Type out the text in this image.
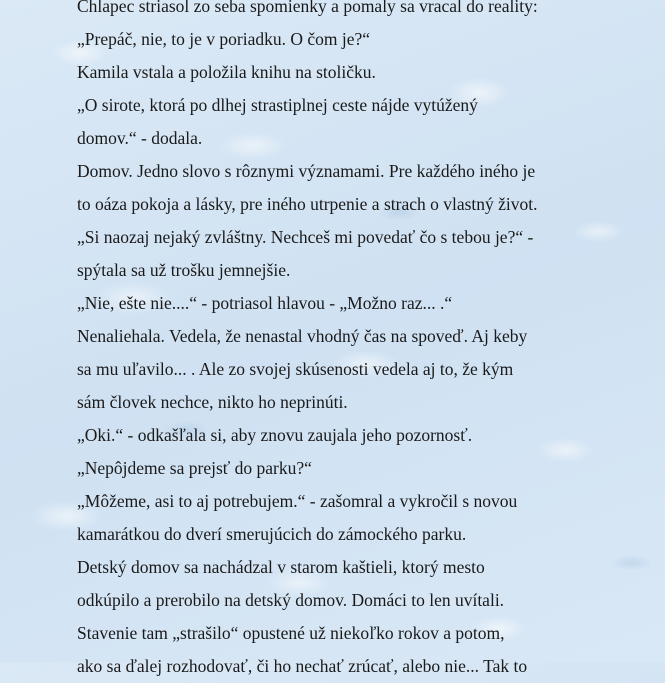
Chlapec striasol zo seba spomienky a pomaly sa vracal do reality:
„Prepáč, nie, to je v poriadku. O čom je?“
Kamila vstala a položila knihu na stoličku.
„O sirote, ktorá po dlhej strastiplnej ceste nájde vytúžený
domov.“ - dodala.
Domov. Jedno slovo s rôznymi významami. Pre každého iného je
to oáza pokoja a lásky, pre iného utrpenie a strach o vlastný život.
„Si naozaj nejaký zvláštny. Nechceš mi povedať čo s tebou je?“ -
spýtala sa už trošku jemnejšie.
„Nie, ešte nie....“ - potriasol hlavou - „Možno raz... .“
Nenaliehala. Vedela, že nenastal vhodný čas na spoveď. Aj keby
sa mu uľavilo... . Ale zo svojej skúsenosti vedela aj to, že kým
sám človek nechce, nikto ho neprinúti.
„Oki.“ - odkašľala si, aby znovu zaujala jeho pozornosť.
„Nepôjdeme sa prejsť do parku?“
„Môžeme, asi to aj potrebujem.“ - zašomral a vykročil s novou
kamarátkou do dverí smerujúcich do zámockého parku.
Detský domov sa nachádzal v starom kaštieli, ktorý mesto
odkúpilo a prerobilo na detský domov. Domáci to len uvítali.
Stavenie tam „strašilo“ opustené už niekoľko rokov a potom,
ako sa ďalej rozhodovať, či ho nechať zrúcať, alebo nie... Tak to
